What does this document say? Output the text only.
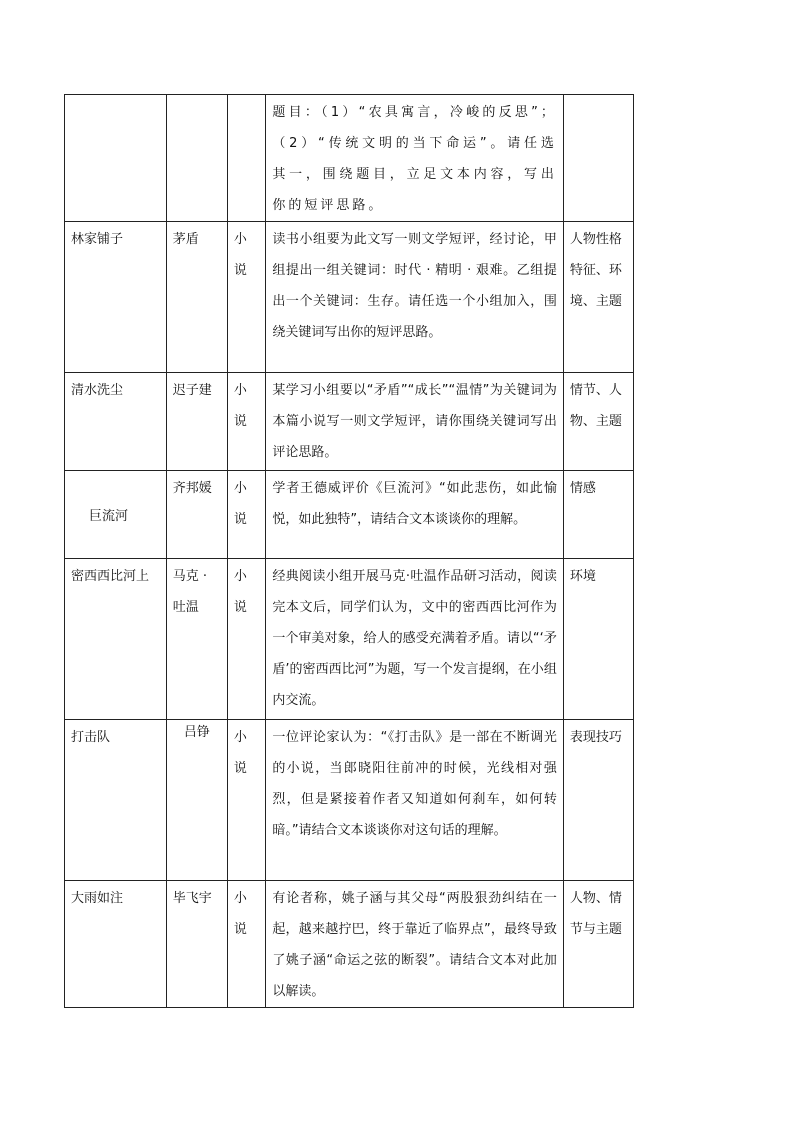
			题目：（1）“农具寓言，冷峻的反思”；（2）“传统文明的当下命运”。请任选其一，围绕题目，立足文本内容，写出你的短评思路。	
林家铺子	茅盾	小说	读书小组要为此文写一则文学短评，经讨论，甲组提出一组关键词：时代 · 精明 · 艰难。乙组提出一个关键词：生存。请任选一个小组加入，围绕关键词写出你的短评思路。	人物性格特征、环境、主题
清水洗尘	迟子建	小说	某学习小组要以“矛盾”“成长”“温情”为关键词为本篇小说写一则文学短评，请你围绕关键词写出评论思路。	情节、人物、主题

巨流河	齐邦媛	小说	学者王德威评价《巨流河》“如此悲伤，如此愉悦，如此独特”，请结合文本谈谈你的理解。	情感
密西西比河上	马克 · 吐温	小说	经典阅读小组开展马克·吐温作品研习活动，阅读完本文后，同学们认为，文中的密西西比河作为一个审美对象，给人的感受充满着矛盾。请以“‘矛盾’的密西西比河”为题，写一个发言提纲，在小组内交流。	环境
打击队	吕铮	小说	一位评论家认为：“《打击队》是一部在不断调光的小说，当郎晓阳往前冲的时候，光线相对强烈，但是紧接着作者又知道如何刹车，如何转暗。”请结合文本谈谈你对这句话的理解。	表现技巧
大雨如注	毕飞宇	小说	有论者称，姚子涵与其父母“两股狠劲纠结在一起，越来越拧巴，终于靠近了临界点”，最终导致了姚子涵“命运之弦的断裂”。请结合文本对此加以解读。	人物、情节与主题
